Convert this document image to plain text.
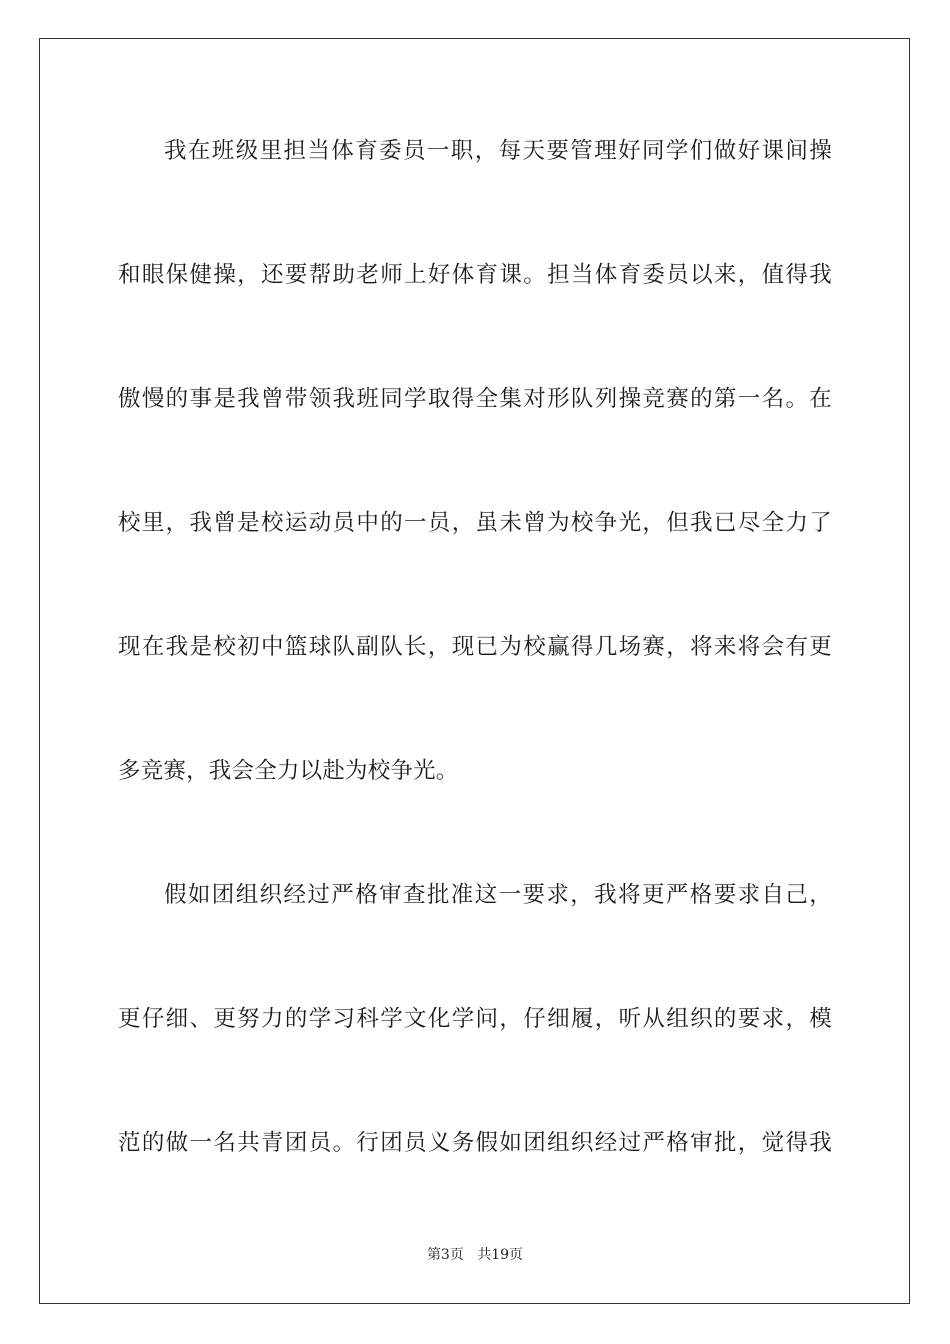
我在班级里担当体育委员一职，每天要管理好同学们做好课间操
和眼保健操，还要帮助老师上好体育课。担当体育委员以来，值得我
傲慢的事是我曾带领我班同学取得全集对形队列操竞赛的第一名。在
校里，我曾是校运动员中的一员，虽未曾为校争光，但我已尽全力了
现在我是校初中篮球队副队长，现已为校赢得几场赛，将来将会有更
多竞赛，我会全力以赴为校争光。
假如团组织经过严格审查批准这一要求，我将更严格要求自己，
更仔细、更努力的学习科学文化学问，仔细履，听从组织的要求，模
范的做一名共青团员。行团员义务假如团组织经过严格审批，觉得我
第3页 共19页
